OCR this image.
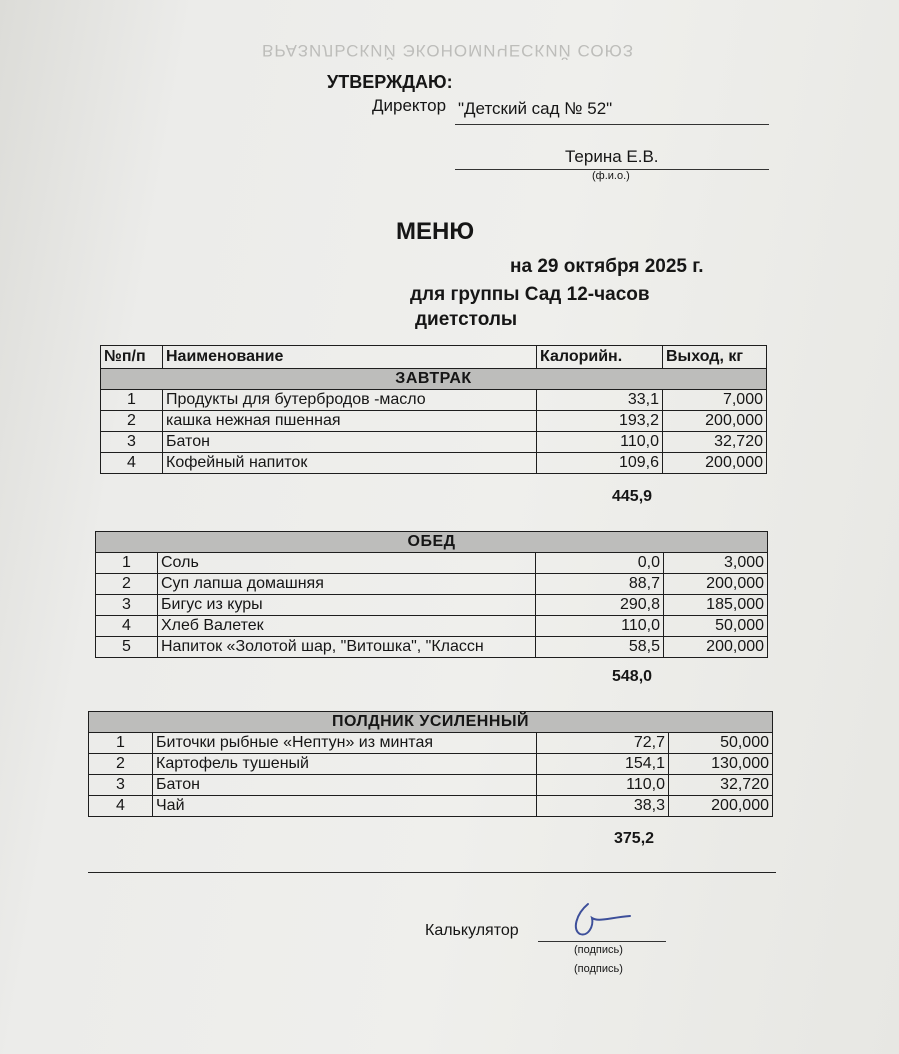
ВРАЗИЛЬСКИЙ ЭКОНОМИЧЕСКИЙ СОЮЗ
УТВЕРЖДАЮ:
Директор "Детский сад № 52"
Терина Е.В.
(ф.и.о.)
МЕНЮ
на 29 октября 2025 г.
для группы Сад 12-часов
диетстолы
№п/п	Наименование	Калорийн.	Выход, кг
ЗАВТРАК			
1	Продукты для бутербродов -масло	33,1	7,000
2	кашка нежная пшенная	193,2	200,000
3	Батон	110,0	32,720
4	Кофейный напиток	109,6	200,000
445,9
ОБЕД			
1	Соль	0,0	3,000
2	Суп лапша домашняя	88,7	200,000
3	Бигус из куры	290,8	185,000
4	Хлеб Валетек	110,0	50,000
5	Напиток «Золотой шар, "Витошка", "Классн	58,5	200,000
548,0
ПОЛДНИК УСИЛЕННЫЙ			
1	Биточки рыбные «Нептун» из минтая	72,7	50,000
2	Картофель тушеный	154,1	130,000
3	Батон	110,0	32,720
4	Чай	38,3	200,000
375,2
Калькулятор
(подпись)
(подпись)
